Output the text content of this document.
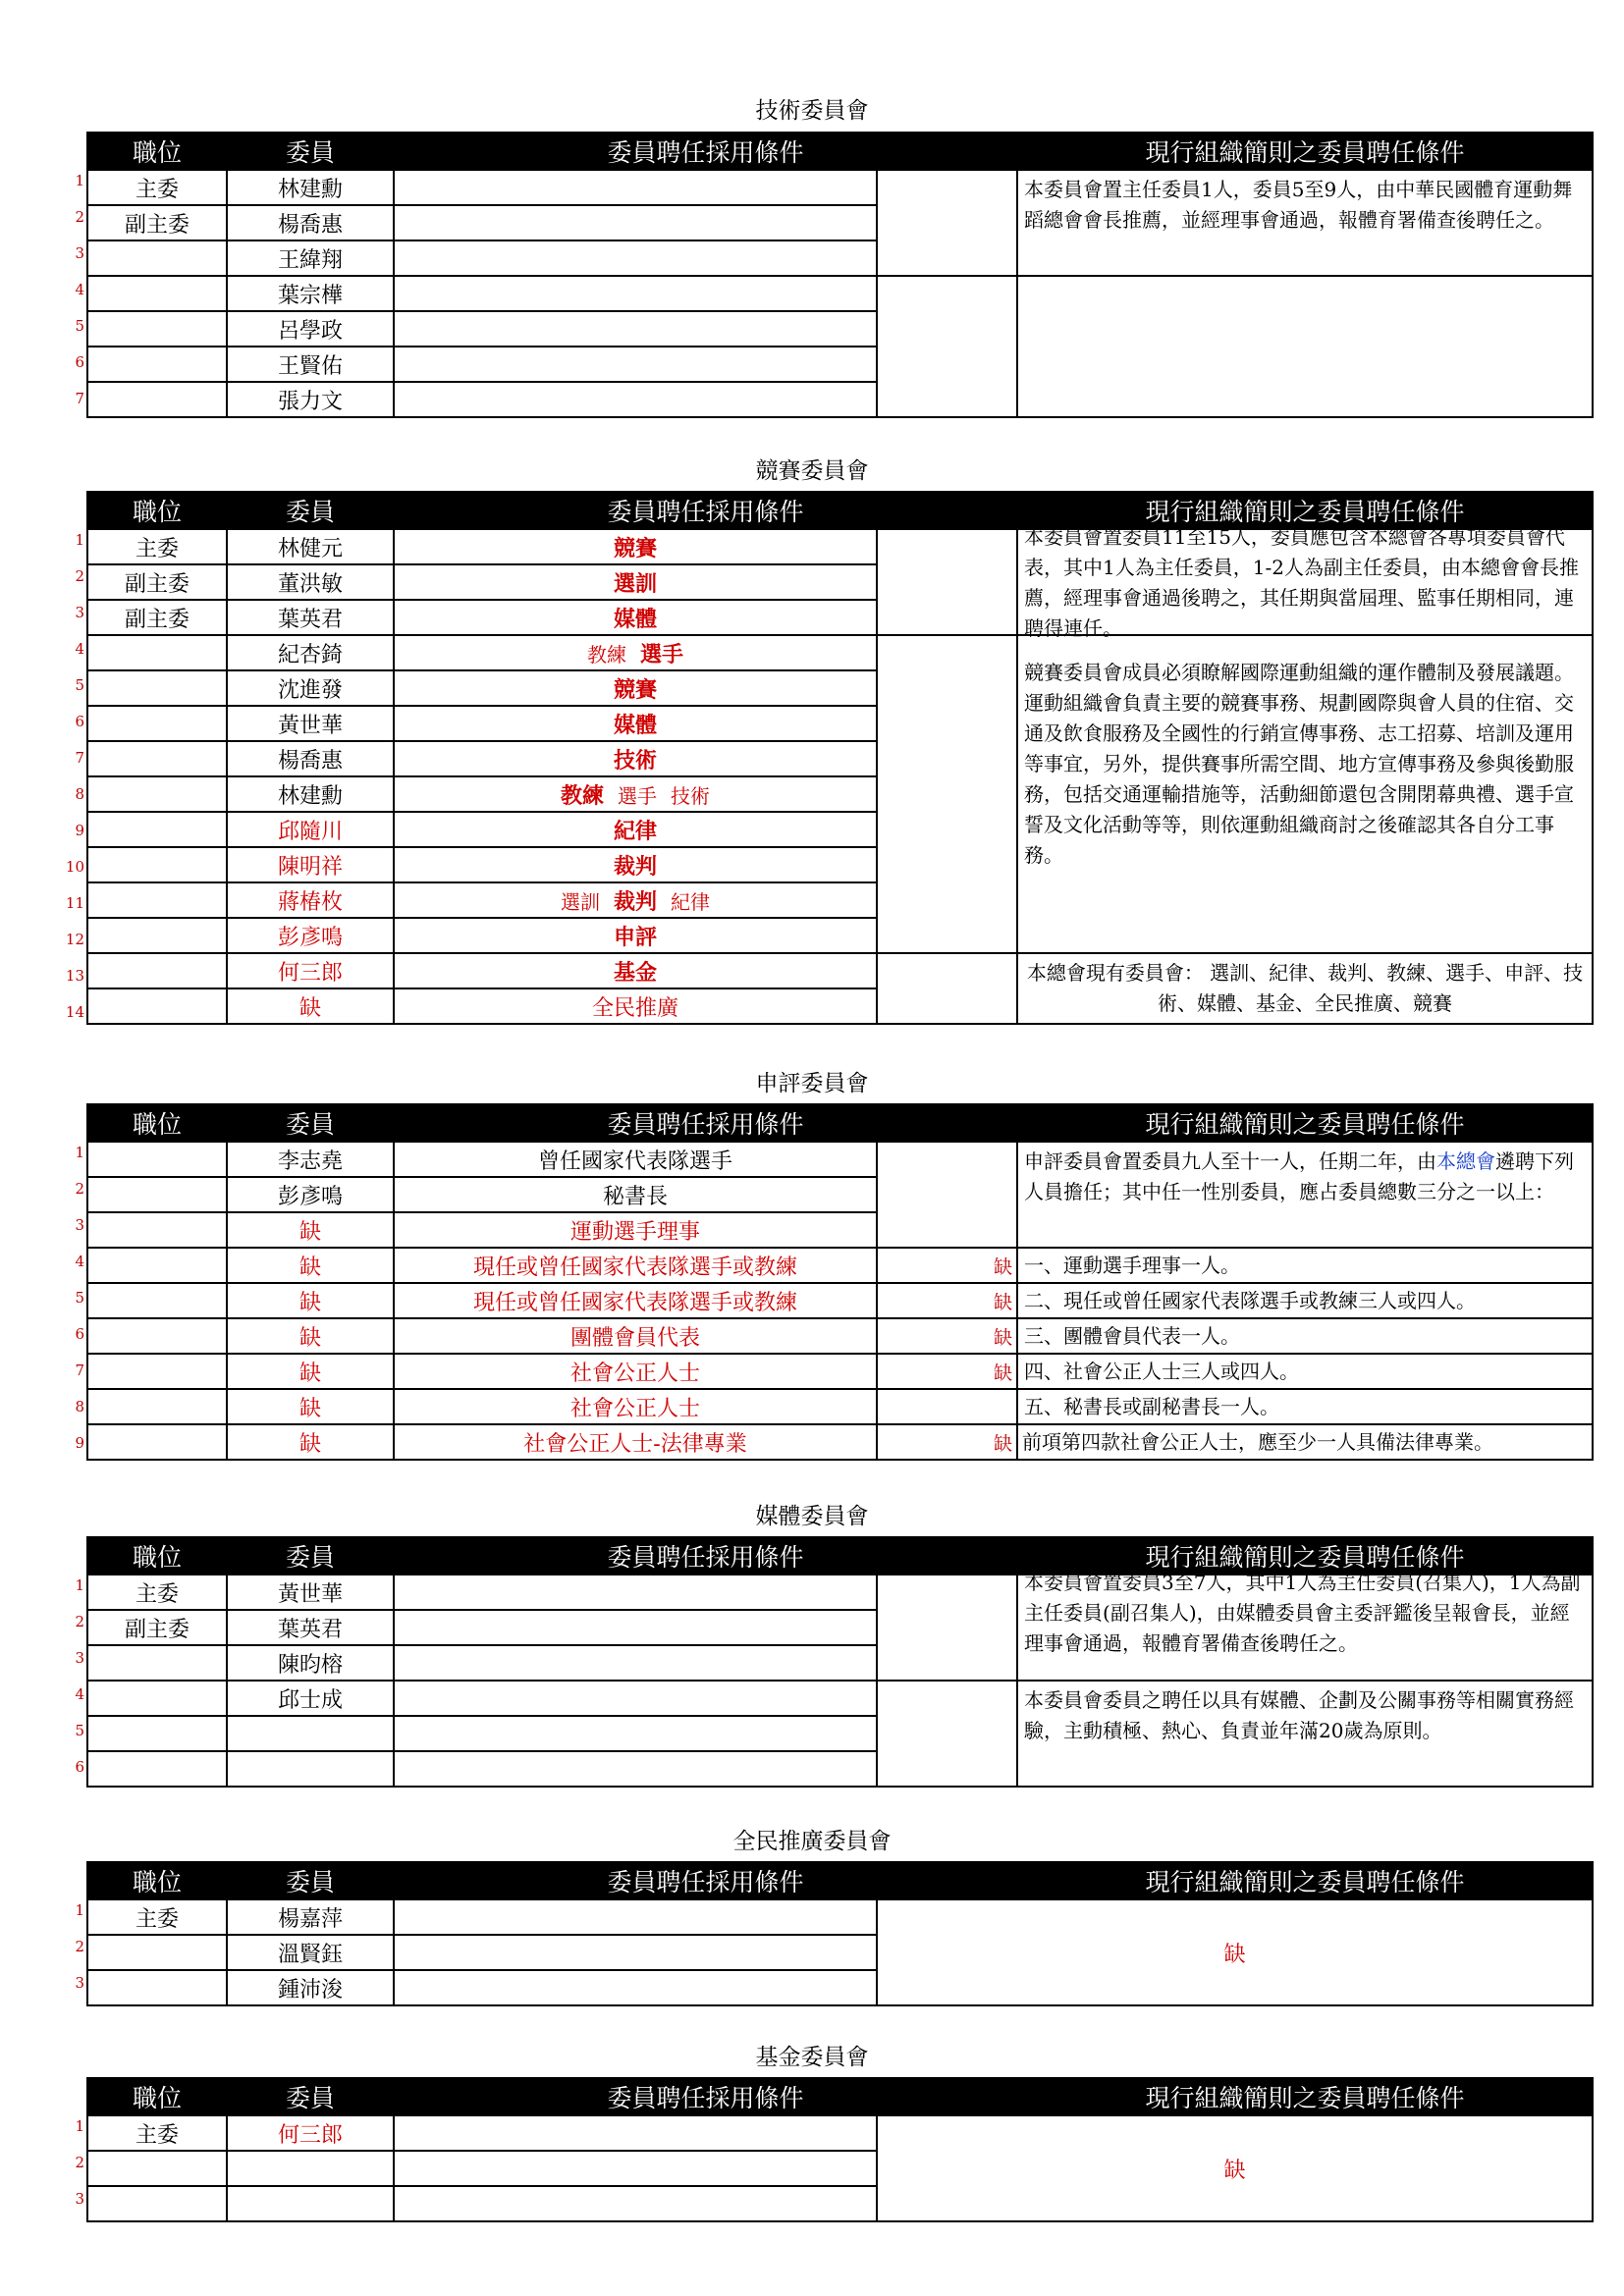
技術委員會
1
2
3
4
5
6
7
職位	委員	委員聘任採用條件		現行組織簡則之委員聘任條件
主委	林建勳			本委員會置主任委員1人，委員5至9人，由中華民國體育運動舞蹈總會會長推薦，並經理事會通過，報體育署備查後聘任之。
副主委	楊喬惠			
	王緯翔			
	葉宗樺			
	呂學政			
	王賢佑			
	張力文			
競賽委員會
1
2
3
4
5
6
7
8
9
10
11
12
13
14
職位	委員	委員聘任採用條件		現行組織簡則之委員聘任條件
主委	林健元	競賽		本委員會置委員11至15人，委員應包含本總會各專項委員會代表，其中1人為主任委員，1-2人為副主任委員，由本總會會長推薦，經理事會通過後聘之，其任期與當屆理、監事任期相同，連聘得連任。

副主委	董洪敏	選訓		
副主委	葉英君	媒體		
	紀杏錡	教練 選手		競賽委員會成員必須瞭解國際運動組織的運作體制及發展議題。運動組織會負責主要的競賽事務、規劃國際與會人員的住宿、交通及飲食服務及全國性的行銷宣傳事務、志工招募、培訓及運用等事宜，另外，提供賽事所需空間、地方宣傳事務及參與後勤服務，包括交通運輸措施等，活動細節還包含開閉幕典禮、選手宣誓及文化活動等等，則依運動組織商討之後確認其各自分工事務。
	沈進發	競賽		
	黃世華	媒體		
	楊喬惠	技術		
	林建勳	教練 選手 技術		
	邱隨川	紀律		
	陳明祥	裁判		
	蔣椿枚	選訓 裁判 紀律		
	彭彥鳴	申評		
	何三郎	基金		本總會現有委員會： 選訓、紀律、裁判、教練、選手、申評、技術、媒體、基金、全民推廣、競賽
	缺	全民推廣		
申評委員會
1
2
3
4
5
6
7
8
9
職位	委員	委員聘任採用條件		現行組織簡則之委員聘任條件
	李志堯	曾任國家代表隊選手		申評委員會置委員九人至十一人，任期二年，由本總會遴聘下列人員擔任；其中任一性別委員，應占委員總數三分之一以上：
	彭彥鳴	秘書長		
	缺	運動選手理事		
	缺	現任或曾任國家代表隊選手或教練	缺	一、運動選手理事一人。
	缺	現任或曾任國家代表隊選手或教練	缺	二、現任或曾任國家代表隊選手或教練三人或四人。
	缺	團體會員代表	缺	三、團體會員代表一人。
	缺	社會公正人士	缺	四、社會公正人士三人或四人。
	缺	社會公正人士		五、秘書長或副秘書長一人。
	缺	社會公正人士-法律專業	缺	前項第四款社會公正人士，應至少一人具備法律專業。
媒體委員會
1
2
3
4
5
6
職位	委員	委員聘任採用條件		現行組織簡則之委員聘任條件
主委	黃世華			本委員會置委員3至7人，其中1人為主任委員(召集人)，1人為副主任委員(副召集人)，由媒體委員會主委評鑑後呈報會長，並經理事會通過，報體育署備查後聘任之。

副主委	葉英君			
	陳昀榕			
	邱士成			本委員會委員之聘任以具有媒體、企劃及公關事務等相關實務經驗，主動積極、熱心、負責並年滿20歲為原則。

全民推廣委員會
1
2
3
職位	委員	委員聘任採用條件		現行組織簡則之委員聘任條件
主委	楊嘉萍		缺	
	溫賢鈺			
	鍾沛浚			
基金委員會
1
2
3
職位	委員	委員聘任採用條件		現行組織簡則之委員聘任條件
主委	何三郎		缺	
